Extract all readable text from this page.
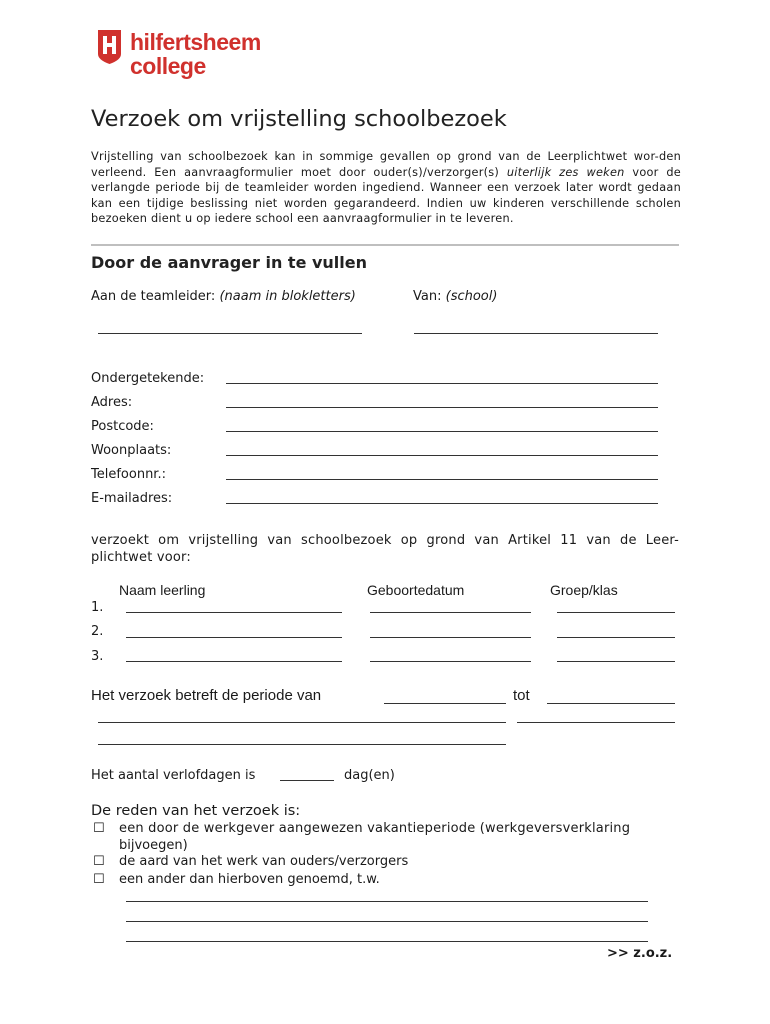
hilfertsheem
college
Verzoek om vrijstelling schoolbezoek
Vrijstelling van schoolbezoek kan in sommige gevallen op grond van de Leerplichtwet wor-den verleend. Een aanvraagformulier moet door ouder(s)/verzorger(s) uiterlijk zes weken voor de verlangde periode bij de teamleider worden ingediend. Wanneer een verzoek later wordt gedaan kan een tijdige beslissing niet worden gegarandeerd. Indien uw kinderen verschillende scholen bezoeken dient u op iedere school een aanvraagformulier in te leveren.
Door de aanvrager in te vullen
Aan de teamleider: (naam in blokletters)	Van: (school)
Ondergetekende:
Adres:
Postcode:
Woonplaats:
Telefoonnr.:
E-mailadres:
verzoekt om vrijstelling van schoolbezoek op grond van Artikel 11 van de Leer-plichtwet voor:
Naam leerling	Geboortedatum	Groep/klas
1.
2.
3.
Het verzoek betreft de periode van	tot
Het aantal verlofdagen is	dag(en)
De reden van het verzoek is:
☐ een door de werkgever aangewezen vakantieperiode (werkgeversverklaring
bijvoegen)
☐ de aard van het werk van ouders/verzorgers
☐ een ander dan hierboven genoemd, t.w.
>> z.o.z.
